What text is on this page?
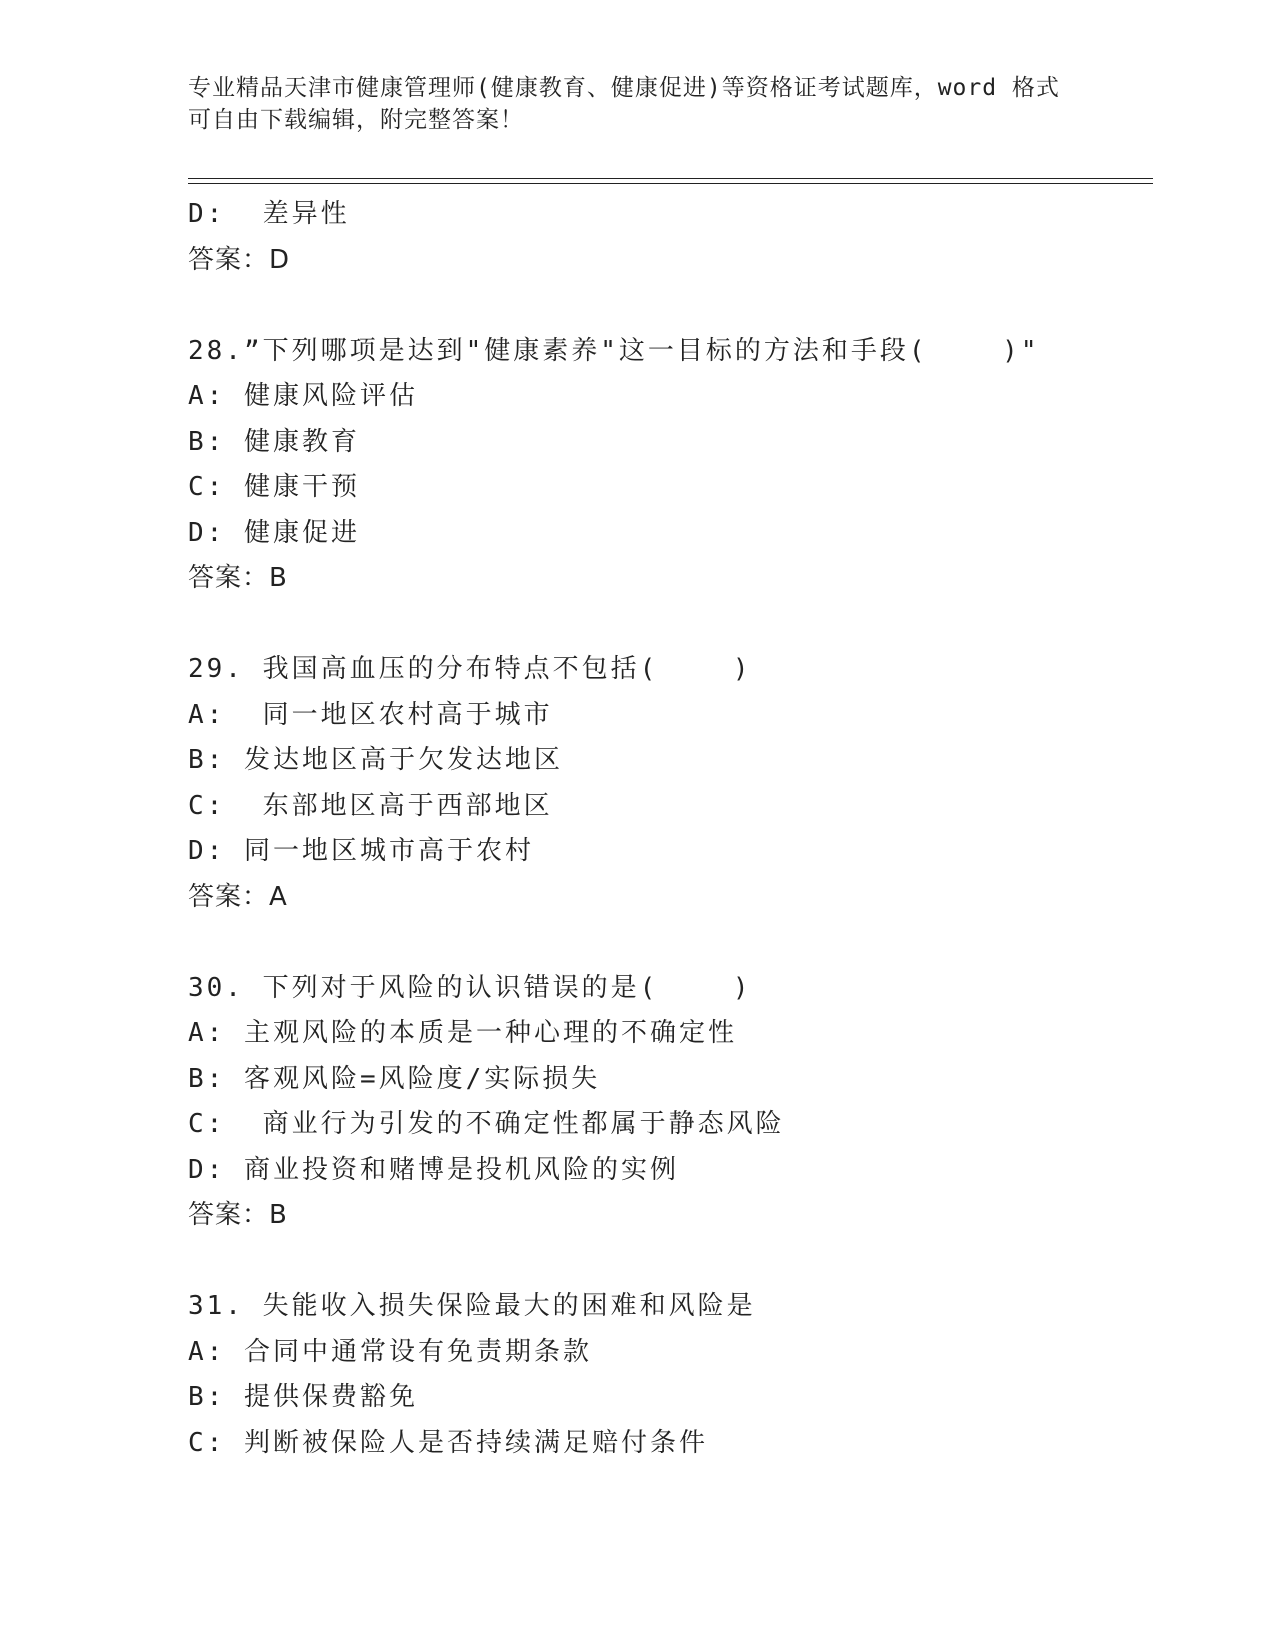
专业精品天津市健康管理师(健康教育、健康促进)等资格证考试题库，word 格式
可自由下载编辑，附完整答案！
D:  差异性
答案：D
28.”下列哪项是达到"健康素养"这一目标的方法和手段(    )"
A: 健康风险评估
B: 健康教育
C: 健康干预
D: 健康促进
答案：B
29. 我国高血压的分布特点不包括(    )
A:  同一地区农村高于城市
B: 发达地区高于欠发达地区
C:  东部地区高于西部地区
D: 同一地区城市高于农村
答案：A
30. 下列对于风险的认识错误的是(    )
A: 主观风险的本质是一种心理的不确定性
B: 客观风险=风险度/实际损失
C:  商业行为引发的不确定性都属于静态风险
D: 商业投资和赌博是投机风险的实例
答案：B
31. 失能收入损失保险最大的困难和风险是
A: 合同中通常设有免责期条款
B: 提供保费豁免
C: 判断被保险人是否持续满足赔付条件
